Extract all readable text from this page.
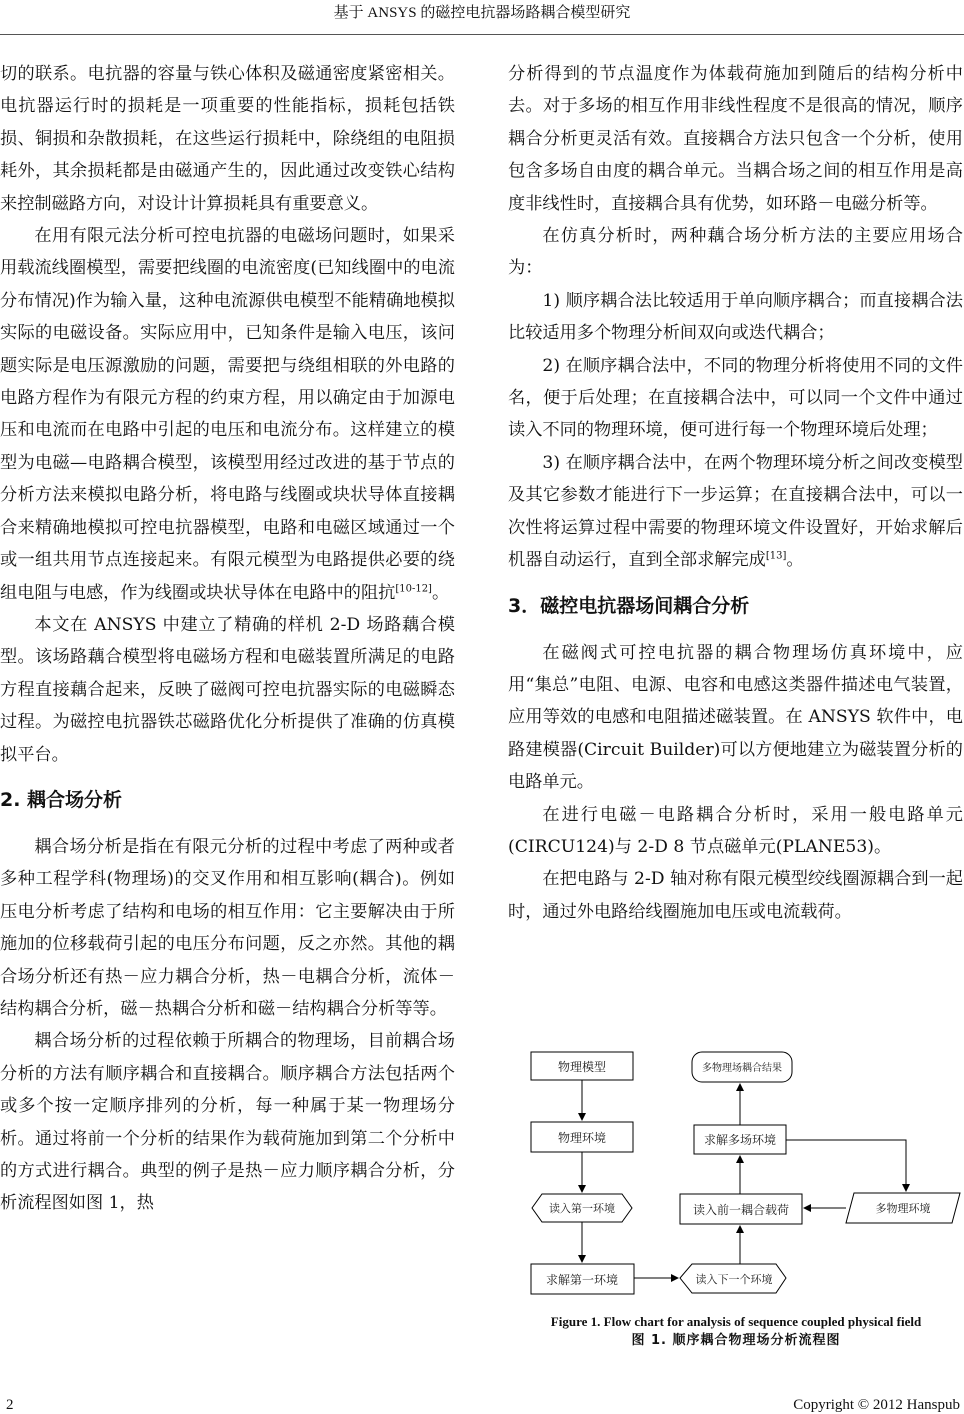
基于 ANSYS 的磁控电抗器场路耦合模型研究

切的联系。电抗器的容量与铁心体积及磁通密度紧密相关。电抗器运行时的损耗是一项重要的性能指标，损耗包括铁损、铜损和杂散损耗，在这些运行损耗中，除绕组的电阻损耗外，其余损耗都是由磁通产生的，因此通过改变铁心结构来控制磁路方向，对设计计算损耗具有重要意义。

在用有限元法分析可控电抗器的电磁场问题时，如果采用载流线圈模型，需要把线圈的电流密度(已知线圈中的电流分布情况)作为输入量，这种电流源供电模型不能精确地模拟实际的电磁设备。实际应用中，已知条件是输入电压，该问题实际是电压源激励的问题，需要把与绕组相联的外电路的电路方程作为有限元方程的约束方程，用以确定由于加源电压和电流而在电路中引起的电压和电流分布。这样建立的模型为电磁—电路耦合模型，该模型用经过改进的基于节点的分析方法来模拟电路分析，将电路与线圈或块状导体直接耦合来精确地模拟可控电抗器模型，电路和电磁区域通过一个或一组共用节点连接起来。有限元模型为电路提供必要的绕组电阻与电感，作为线圈或块状导体在电路中的阻抗[10-12]。

本文在 ANSYS 中建立了精确的样机 2-D 场路藕合模型。该场路藕合模型将电磁场方程和电磁装置所满足的电路方程直接藕合起来，反映了磁阀可控电抗器实际的电磁瞬态过程。为磁控电抗器铁芯磁路优化分析提供了准确的仿真模拟平台。

2. 耦合场分析

耦合场分析是指在有限元分析的过程中考虑了两种或者多种工程学科(物理场)的交叉作用和相互影响(耦合)。例如压电分析考虑了结构和电场的相互作用：它主要解决由于所施加的位移载荷引起的电压分布问题，反之亦然。其他的耦合场分析还有热－应力耦合分析，热－电耦合分析，流体－结构耦合分析，磁－热耦合分析和磁－结构耦合分析等等。

耦合场分析的过程依赖于所耦合的物理场，目前耦合场分析的方法有顺序耦合和直接耦合。顺序耦合方法包括两个或多个按一定顺序排列的分析，每一种属于某一物理场分析。通过将前一个分析的结果作为载荷施加到第二个分析中的方式进行耦合。典型的例子是热－应力顺序耦合分析，分析流程图如图 1，热

分析得到的节点温度作为体载荷施加到随后的结构分析中去。对于多场的相互作用非线性程度不是很高的情况，顺序耦合分析更灵活有效。直接耦合方法只包含一个分析，使用包含多场自由度的耦合单元。当耦合场之间的相互作用是高度非线性时，直接耦合具有优势，如环路－电磁分析等。

在仿真分析时，两种藕合场分析方法的主要应用场合为：

1) 顺序耦合法比较适用于单向顺序耦合；而直接耦合法比较适用多个物理分析间双向或迭代耦合；

2) 在顺序耦合法中，不同的物理分析将使用不同的文件名，便于后处理；在直接耦合法中，可以同一个文件中通过读入不同的物理环境，便可进行每一个物理环境后处理；

3) 在顺序耦合法中，在两个物理环境分析之间改变模型及其它参数才能进行下一步运算；在直接耦合法中，可以一次性将运算过程中需要的物理环境文件设置好，开始求解后机器自动运行，直到全部求解完成[13]。

3．磁控电抗器场间耦合分析

在磁阀式可控电抗器的耦合物理场仿真环境中，应用“集总”电阻、电源、电容和电感这类器件描述电气装置，应用等效的电感和电阻描述磁装置。在 ANSYS 软件中，电路建模器(Circuit Builder)可以方便地建立为磁装置分析的电路单元。

在进行电磁－电路耦合分析时，采用一般电路单元(CIRCU124)与 2-D 8 节点磁单元(PLANE53)。

在把电路与 2-D 轴对称有限元模型绞线圈源耦合到一起时，通过外电路给线圈施加电压或电流载荷。

物理模型
物理环境
读入第一环境
求解第一环境	读入下一个环境
读入前一耦合载荷
求解多场环境
多物理场耦合结果
多物理环境
Figure 1. Flow chart for analysis of sequence coupled physical field
图 1. 顺序耦合物理场分析流程图
2	Copyright © 2012 Hanspub
